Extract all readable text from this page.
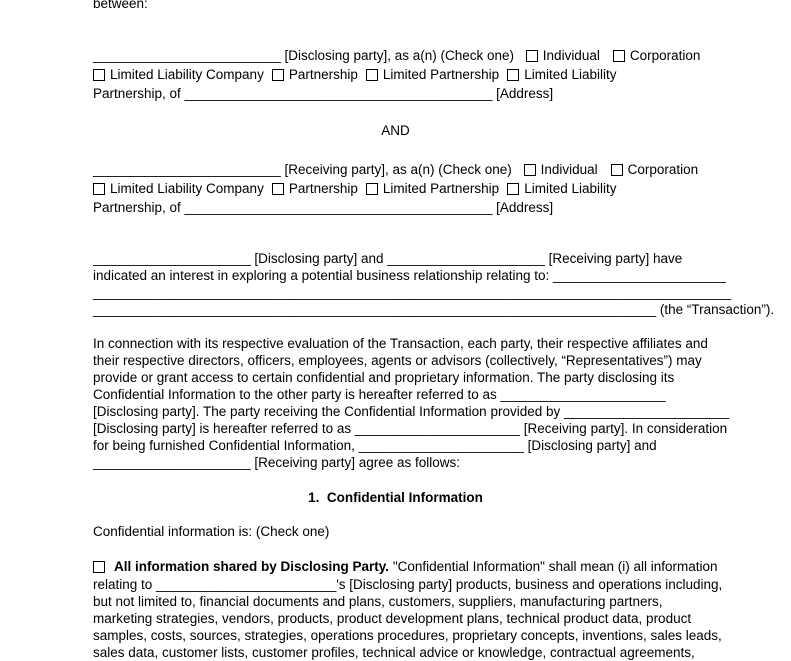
between:
_________________________ [Disclosing party], as a(n) (Check one) Individual Corporation
Limited Liability Company Partnership Limited Partnership Limited Liability
Partnership, of _________________________________________ [Address]
AND
_________________________ [Receiving party], as a(n) (Check one) Individual Corporation
Limited Liability Company Partnership Limited Partnership Limited Liability
Partnership, of _________________________________________ [Address]
_____________________ [Disclosing party] and _____________________ [Receiving party] have
indicated an interest in exploring a potential business relationship relating to: _______________________
_____________________________________________________________________________________
___________________________________________________________________________ (the “Transaction”).
In connection with its respective evaluation of the Transaction, each party, their respective affiliates and
their respective directors, officers, employees, agents or advisors (collectively, “Representatives”) may
provide or grant access to certain confidential and proprietary information. The party disclosing its
Confidential Information to the other party is hereafter referred to as ______________________
[Disclosing party]. The party receiving the Confidential Information provided by ______________________
[Disclosing party] is hereafter referred to as ______________________ [Receiving party]. In consideration
for being furnished Confidential Information, ______________________ [Disclosing party] and
_____________________ [Receiving party] agree as follows:
1.  Confidential Information
Confidential information is: (Check one)
All information shared by Disclosing Party. "Confidential Information" shall mean (i) all information
relating to ________________________'s [Disclosing party] products, business and operations including,
but not limited to, financial documents and plans, customers, suppliers, manufacturing partners,
marketing strategies, vendors, products, product development plans, technical product data, product
samples, costs, sources, strategies, operations procedures, proprietary concepts, inventions, sales leads,
sales data, customer lists, customer profiles, technical advice or knowledge, contractual agreements,
